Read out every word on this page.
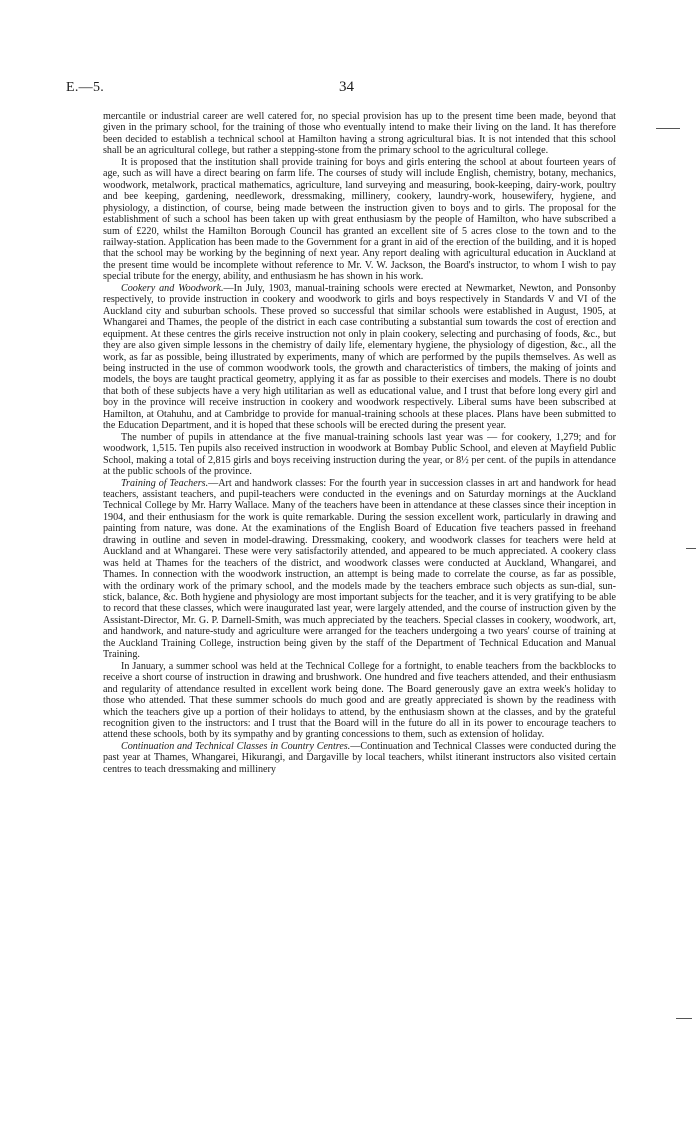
E.—5.	34

mercantile or industrial career are well catered for, no special provision has up to the present time been made, beyond that given in the primary school, for the training of those who eventually intend to make their living on the land. It has therefore been decided to establish a technical school at Hamilton having a strong agricultural bias. It is not intended that this school shall be an agricultural college, but rather a stepping-stone from the primary school to the agricultural college.

It is proposed that the institution shall provide training for boys and girls entering the school at about fourteen years of age, such as will have a direct bearing on farm life. The courses of study will include English, chemistry, botany, mechanics, woodwork, metalwork, practical mathematics, agriculture, land surveying and measuring, book-keeping, dairy-work, poultry and bee keeping, gardening, needlework, dressmaking, millinery, cookery, laundry-work, housewifery, hygiene, and physiology, a distinction, of course, being made between the instruction given to boys and to girls. The proposal for the establishment of such a school has been taken up with great enthusiasm by the people of Hamilton, who have subscribed a sum of £220, whilst the Hamilton Borough Council has granted an excellent site of 5 acres close to the town and to the railway-station. Application has been made to the Government for a grant in aid of the erection of the building, and it is hoped that the school may be working by the beginning of next year. Any report dealing with agricultural education in Auckland at the present time would be incomplete without reference to Mr. V. W. Jackson, the Board's instructor, to whom I wish to pay special tribute for the energy, ability, and enthusiasm he has shown in his work.

Cookery and Woodwork.—In July, 1903, manual-training schools were erected at Newmarket, Newton, and Ponsonby respectively, to provide instruction in cookery and woodwork to girls and boys respectively in Standards V and VI of the Auckland city and suburban schools. These proved so successful that similar schools were established in August, 1905, at Whangarei and Thames, the people of the district in each case contributing a substantial sum towards the cost of erection and equipment. At these centres the girls receive instruction not only in plain cookery, selecting and purchasing of foods, &c., but they are also given simple lessons in the chemistry of daily life, elementary hygiene, the physiology of digestion, &c., all the work, as far as possible, being illustrated by experiments, many of which are performed by the pupils themselves. As well as being instructed in the use of common woodwork tools, the growth and characteristics of timbers, the making of joints and models, the boys are taught practical geometry, applying it as far as possible to their exercises and models. There is no doubt that both of these subjects have a very high utilitarian as well as educational value, and I trust that before long every girl and boy in the province will receive instruction in cookery and woodwork respectively. Liberal sums have been subscribed at Hamilton, at Otahuhu, and at Cambridge to provide for manual-training schools at these places. Plans have been submitted to the Education Department, and it is hoped that these schools will be erected during the present year.

The number of pupils in attendance at the five manual-training schools last year was — for cookery, 1,279; and for woodwork, 1,515. Ten pupils also received instruction in woodwork at Bombay Public School, and eleven at Mayfield Public School, making a total of 2,815 girls and boys receiving instruction during the year, or 8½ per cent. of the pupils in attendance at the public schools of the province.

Training of Teachers.—Art and handwork classes: For the fourth year in succession classes in art and handwork for head teachers, assistant teachers, and pupil-teachers were conducted in the evenings and on Saturday mornings at the Auckland Technical College by Mr. Harry Wallace. Many of the teachers have been in attendance at these classes since their inception in 1904, and their enthusiasm for the work is quite remarkable. During the session excellent work, particularly in drawing and painting from nature, was done. At the examinations of the English Board of Education five teachers passed in freehand drawing in outline and seven in model-drawing. Dressmaking, cookery, and woodwork classes for teachers were held at Auckland and at Whangarei. These were very satisfactorily attended, and appeared to be much appreciated. A cookery class was held at Thames for the teachers of the district, and woodwork classes were conducted at Auckland, Whangarei, and Thames. In connection with the woodwork instruction, an attempt is being made to correlate the course, as far as possible, with the ordinary work of the primary school, and the models made by the teachers embrace such objects as sun-dial, sun-stick, balance, &c. Both hygiene and physiology are most important subjects for the teacher, and it is very gratifying to be able to record that these classes, which were inaugurated last year, were largely attended, and the course of instruction given by the Assistant-Director, Mr. G. P. Darnell-Smith, was much appreciated by the teachers. Special classes in cookery, woodwork, art, and handwork, and nature-study and agriculture were arranged for the teachers undergoing a two years' course of training at the Auckland Training College, instruction being given by the staff of the Department of Technical Education and Manual Training.

In January, a summer school was held at the Technical College for a fortnight, to enable teachers from the backblocks to receive a short course of instruction in drawing and brushwork. One hundred and five teachers attended, and their enthusiasm and regularity of attendance resulted in excellent work being done. The Board generously gave an extra week's holiday to those who attended. That these summer schools do much good and are greatly appreciated is shown by the readiness with which the teachers give up a portion of their holidays to attend, by the enthusiasm shown at the classes, and by the grateful recognition given to the instructors: and I trust that the Board will in the future do all in its power to encourage teachers to attend these schools, both by its sympathy and by granting concessions to them, such as extension of holiday.

Continuation and Technical Classes in Country Centres.—Continuation and Technical Classes were conducted during the past year at Thames, Whangarei, Hikurangi, and Dargaville by local teachers, whilst itinerant instructors also visited certain centres to teach dressmaking and millinery
